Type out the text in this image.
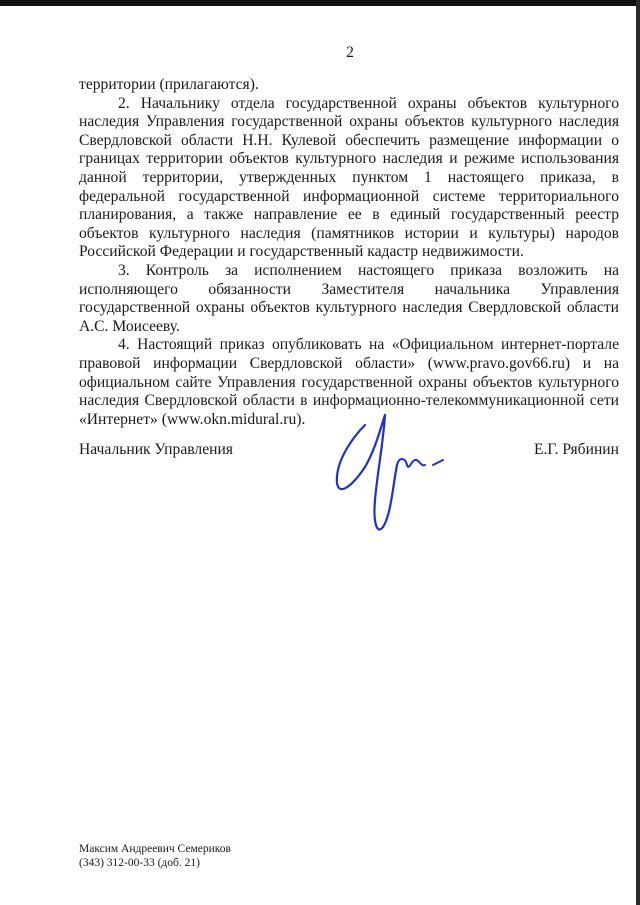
2

территории (прилагаются).

2. Начальнику отдела государственной охраны объектов культурного наследия Управления государственной охраны объектов культурного наследия Свердловской области Н.Н. Кулевой обеспечить размещение информации о границах территории объектов культурного наследия и режиме использования данной территории, утвержденных пунктом 1 настоящего приказа, в федеральной государственной информационной системе территориального планирования, а также направление ее в единый государственный реестр объектов культурного наследия (памятников истории и культуры) народов Российской Федерации и государственный кадастр недвижимости.

3. Контроль за исполнением настоящего приказа возложить на исполняющего обязанности Заместителя начальника Управления государственной охраны объектов культурного наследия Свердловской области А.С. Моисееву.

4. Настоящий приказ опубликовать на «Официальном интернет-портале правовой информации Свердловской области» (www.pravo.gov66.ru) и на официальном сайте Управления государственной охраны объектов культурного наследия Свердловской области в информационно-телекоммуникационной сети «Интернет» (www.okn.midural.ru).

Начальник Управления	Е.Г. Рябинин
Максим Андреевич Семериков
(343) 312-00-33 (доб. 21)
